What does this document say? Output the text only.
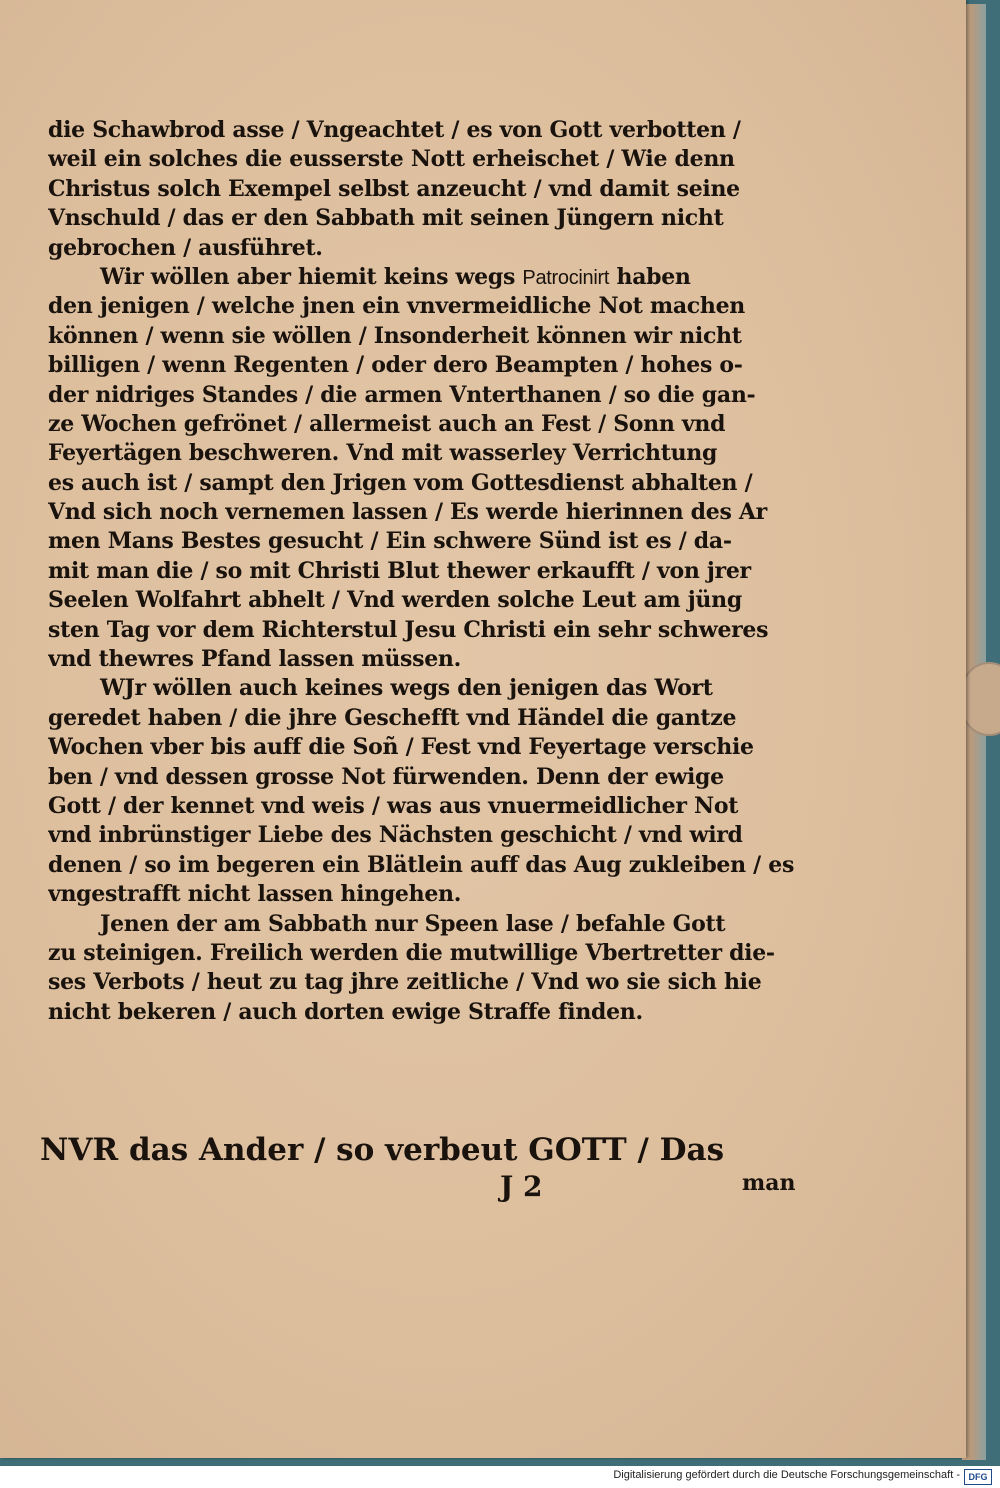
die Schawbrod asse / Vngeachtet / es von Gott verbotten /
weil ein solches die eusserste Nott erheischet / Wie denn
Christus solch Exempel selbst anzeucht / vnd damit seine
Vnschuld / das er den Sabbath mit seinen Jüngern nicht
gebrochen / ausführet.
Wir wöllen aber hiemit keins wegs Patrocinirt haben
den jenigen / welche jnen ein vnvermeidliche Not machen
können / wenn sie wöllen / Insonderheit können wir nicht
billigen / wenn Regenten / oder dero Beampten / hohes o-
der nidriges Standes / die armen Vnterthanen / so die gan-
ze Wochen gefrönet / allermeist auch an Fest / Sonn vnd
Feyertägen beschweren. Vnd mit wasserley Verrichtung
es auch ist / sampt den Jrigen vom Gottesdienst abhalten /
Vnd sich noch vernemen lassen / Es werde hierinnen des Ar
men Mans Bestes gesucht / Ein schwere Sünd ist es / da-
mit man die / so mit Christi Blut thewer erkaufft / von jrer
Seelen Wolfahrt abhelt / Vnd werden solche Leut am jüng
sten Tag vor dem Richterstul Jesu Christi ein sehr schweres
vnd thewres Pfand lassen müssen.
WJr wöllen auch keines wegs den jenigen das Wort
geredet haben / die jhre Geschefft vnd Händel die gantze
Wochen vber bis auff die Soñ / Fest vnd Feyertage verschie
ben / vnd dessen grosse Not fürwenden. Denn der ewige
Gott / der kennet vnd weis / was aus vnuermeidlicher Not
vnd inbrünstiger Liebe des Nächsten geschicht / vnd wird
denen / so im begeren ein Blätlein auff das Aug zukleiben / es
vngestrafft nicht lassen hingehen.
Jenen der am Sabbath nur Speen lase / befahle Gott
zu steinigen. Freilich werden die mutwillige Vbertretter die-
ses Verbots / heut zu tag jhre zeitliche / Vnd wo sie sich hie
nicht bekeren / auch dorten ewige Straffe finden.
NVR das Ander / so verbeut GOTT / Das
J 2	man
Digitalisierung gefördert durch die Deutsche Forschungsgemeinschaft - DFG
